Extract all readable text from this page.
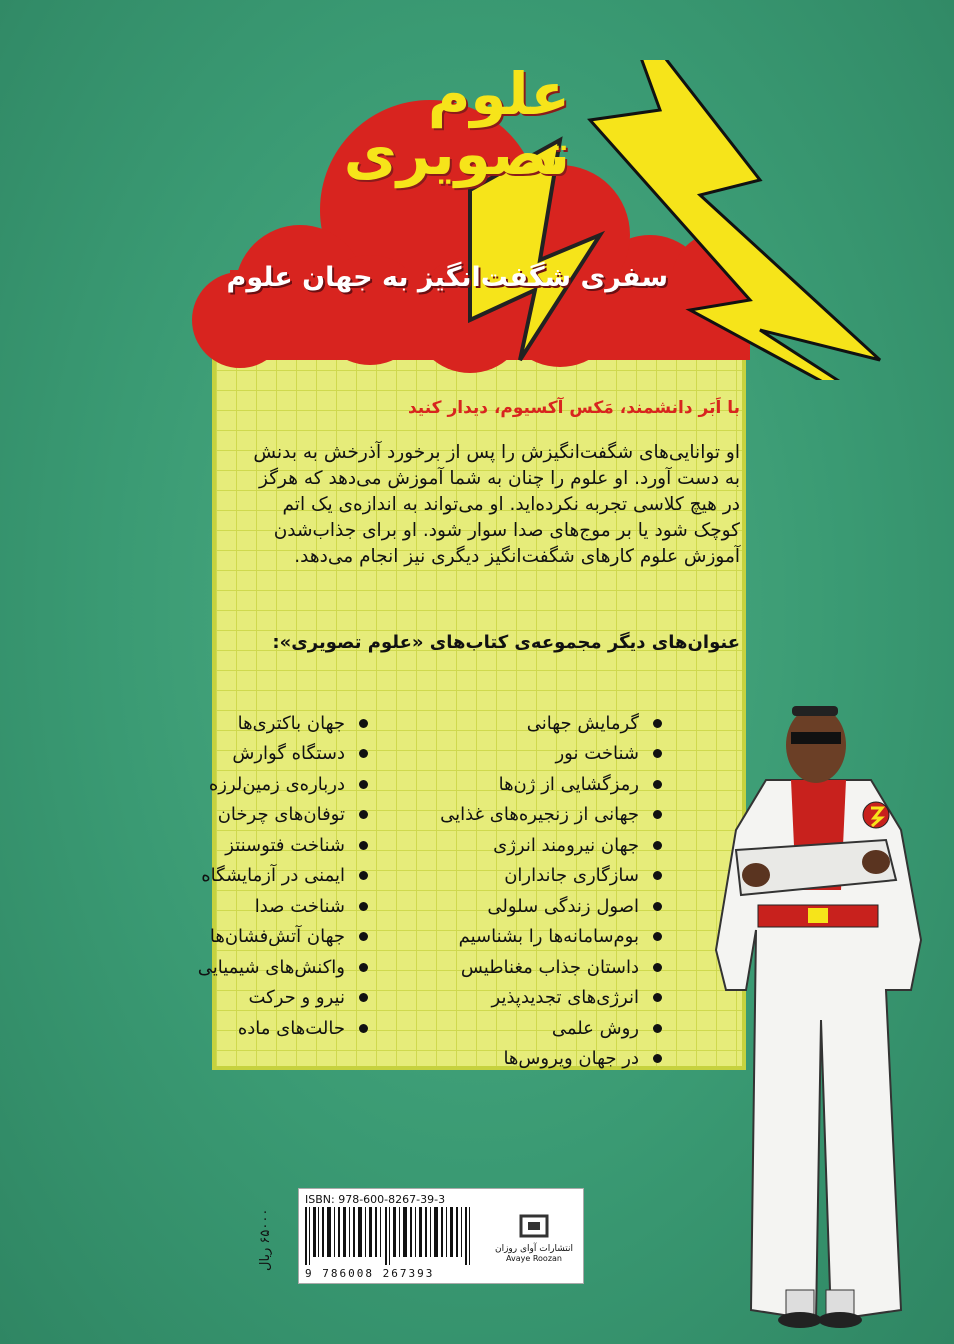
علوم
تصویری
سفری شگفت‌انگیز به جهان علوم
با اَبَر دانشمند، مَکس آکسیوم، دیدار کنید
او توانایی‌های شگفت‌انگیزش را پس از برخورد آذرخش به بدنش
به دست آورد. او علوم را چنان به شما آموزش می‌دهد که هرگز
در هیچ کلاسی تجربه نکرده‌اید. او می‌تواند به اندازه‌ی یک اتم
کوچک شود یا بر موج‌های صدا سوار شود. او برای جذاب‌شدن
آموزش علوم کارهای شگفت‌انگیز دیگری نیز انجام می‌دهد.
عنوان‌های دیگر مجموعه‌ی کتاب‌های «علوم تصویری»:
گرمایش جهانی
شناخت نور
رمزگشایی از ژن‌ها
جهانی از زنجیره‌های غذایی
جهان نیرومند انرژی
سازگاری جانداران
اصول زندگی سلولی
بوم‌سامانه‌ها را بشناسیم
داستان جذاب مغناطیس
انرژی‌های تجدیدپذیر
روش علمی
در جهان ویروس‌ها
جهان باکتری‌ها
دستگاه گوارش
درباره‌ی زمین‌لرزه
توفان‌های چرخان
شناخت فتوسنتز
ایمنی در آزمایشگاه
شناخت صدا
جهان آتش‌فشان‌ها
واکنش‌های شیمیایی
نیرو و حرکت
حالت‌های ماده
ISBN: 978-600-8267-39-3
9 786008 267393
انتشارات آوای روزان
Avaye Roozan
۶۵۰۰۰ ریال
